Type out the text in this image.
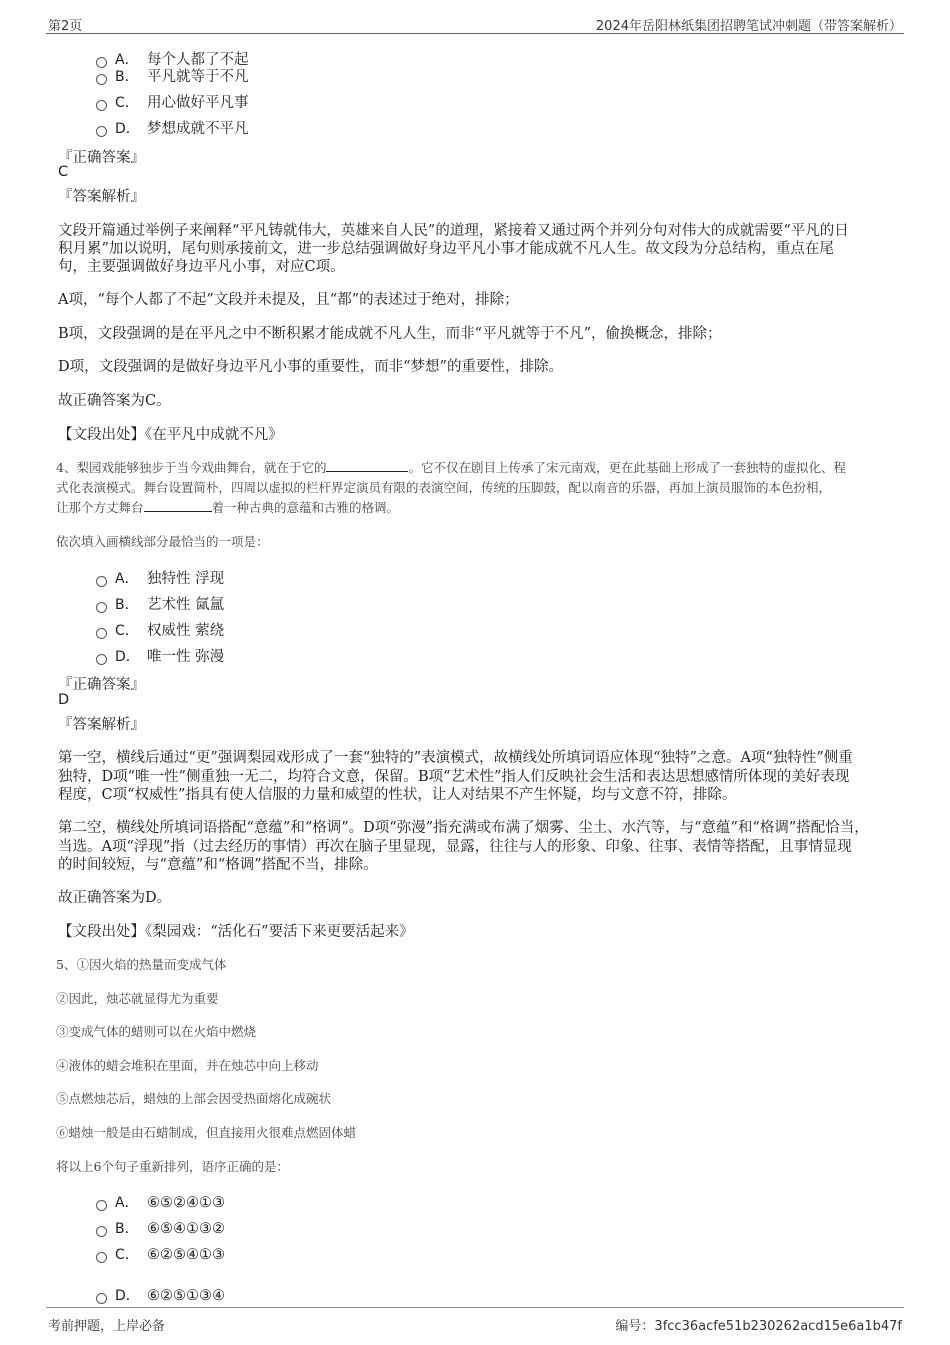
第2页	2024年岳阳林纸集团招聘笔试冲刺题（带答案解析）
A． 每个人都了不起
B． 平凡就等于不凡
C． 用心做好平凡事
D． 梦想成就不平凡
『正确答案』
C
『答案解析』
文段开篇通过举例子来阐释“平凡铸就伟大，英雄来自人民”的道理，紧接着又通过两个并列分句对伟大的成就需要“平凡的日
积月累”加以说明，尾句则承接前文，进一步总结强调做好身边平凡小事才能成就不凡人生。故文段为分总结构，重点在尾
句，主要强调做好身边平凡小事，对应C项。
A项，“每个人都了不起”文段并未提及，且“都”的表述过于绝对，排除；
B项，文段强调的是在平凡之中不断积累才能成就不凡人生，而非“平凡就等于不凡”，偷换概念，排除；
D项，文段强调的是做好身边平凡小事的重要性，而非“梦想”的重要性，排除。
故正确答案为C。
【文段出处】《在平凡中成就不凡》
4、梨园戏能够独步于当今戏曲舞台，就在于它的	。它不仅在剧目上传承了宋元南戏，更在此基础上形成了一套独特的虚拟化、程
式化表演模式。舞台设置简朴，四周以虚拟的栏杆界定演员有限的表演空间，传统的压脚鼓，配以南音的乐器，再加上演员服饰的本色扮相，
让那个方丈舞台	着一种古典的意蕴和古雅的格调。
依次填入画横线部分最恰当的一项是：
A． 独特性 浮现
B． 艺术性 氤氲
C． 权威性 萦绕
D． 唯一性 弥漫
『正确答案』
D
『答案解析』
第一空，横线后通过“更”强调梨园戏形成了一套“独特的”表演模式，故横线处所填词语应体现“独特”之意。A项“独特性”侧重
独特，D项“唯一性”侧重独一无二，均符合文意，保留。B项“艺术性”指人们反映社会生活和表达思想感情所体现的美好表现
程度，C项“权威性”指具有使人信服的力量和威望的性状，让人对结果不产生怀疑，均与文意不符，排除。
第二空，横线处所填词语搭配“意蕴”和“格调”。D项“弥漫”指充满或布满了烟雾、尘土、水汽等，与“意蕴”和“格调”搭配恰当，
当选。A项“浮现”指（过去经历的事情）再次在脑子里显现，显露，往往与人的形象、印象、往事、表情等搭配，且事情显现
的时间较短，与“意蕴”和“格调”搭配不当，排除。
故正确答案为D。
【文段出处】《梨园戏：“活化石”要活下来更要活起来》
5、①因火焰的热量而变成气体
②因此，烛芯就显得尤为重要
③变成气体的蜡则可以在火焰中燃烧
④液体的蜡会堆积在里面，并在烛芯中向上移动
⑤点燃烛芯后，蜡烛的上部会因受热面熔化成碗状
⑥蜡烛一般是由石蜡制成，但直接用火很难点燃固体蜡
将以上6个句子重新排列，语序正确的是：
A． ⑥⑤②④①③
B． ⑥⑤④①③②
C． ⑥②⑤④①③
D． ⑥②⑤①③④
考前押题，上岸必备	编号：3fcc36acfe51b230262acd15e6a1b47f
